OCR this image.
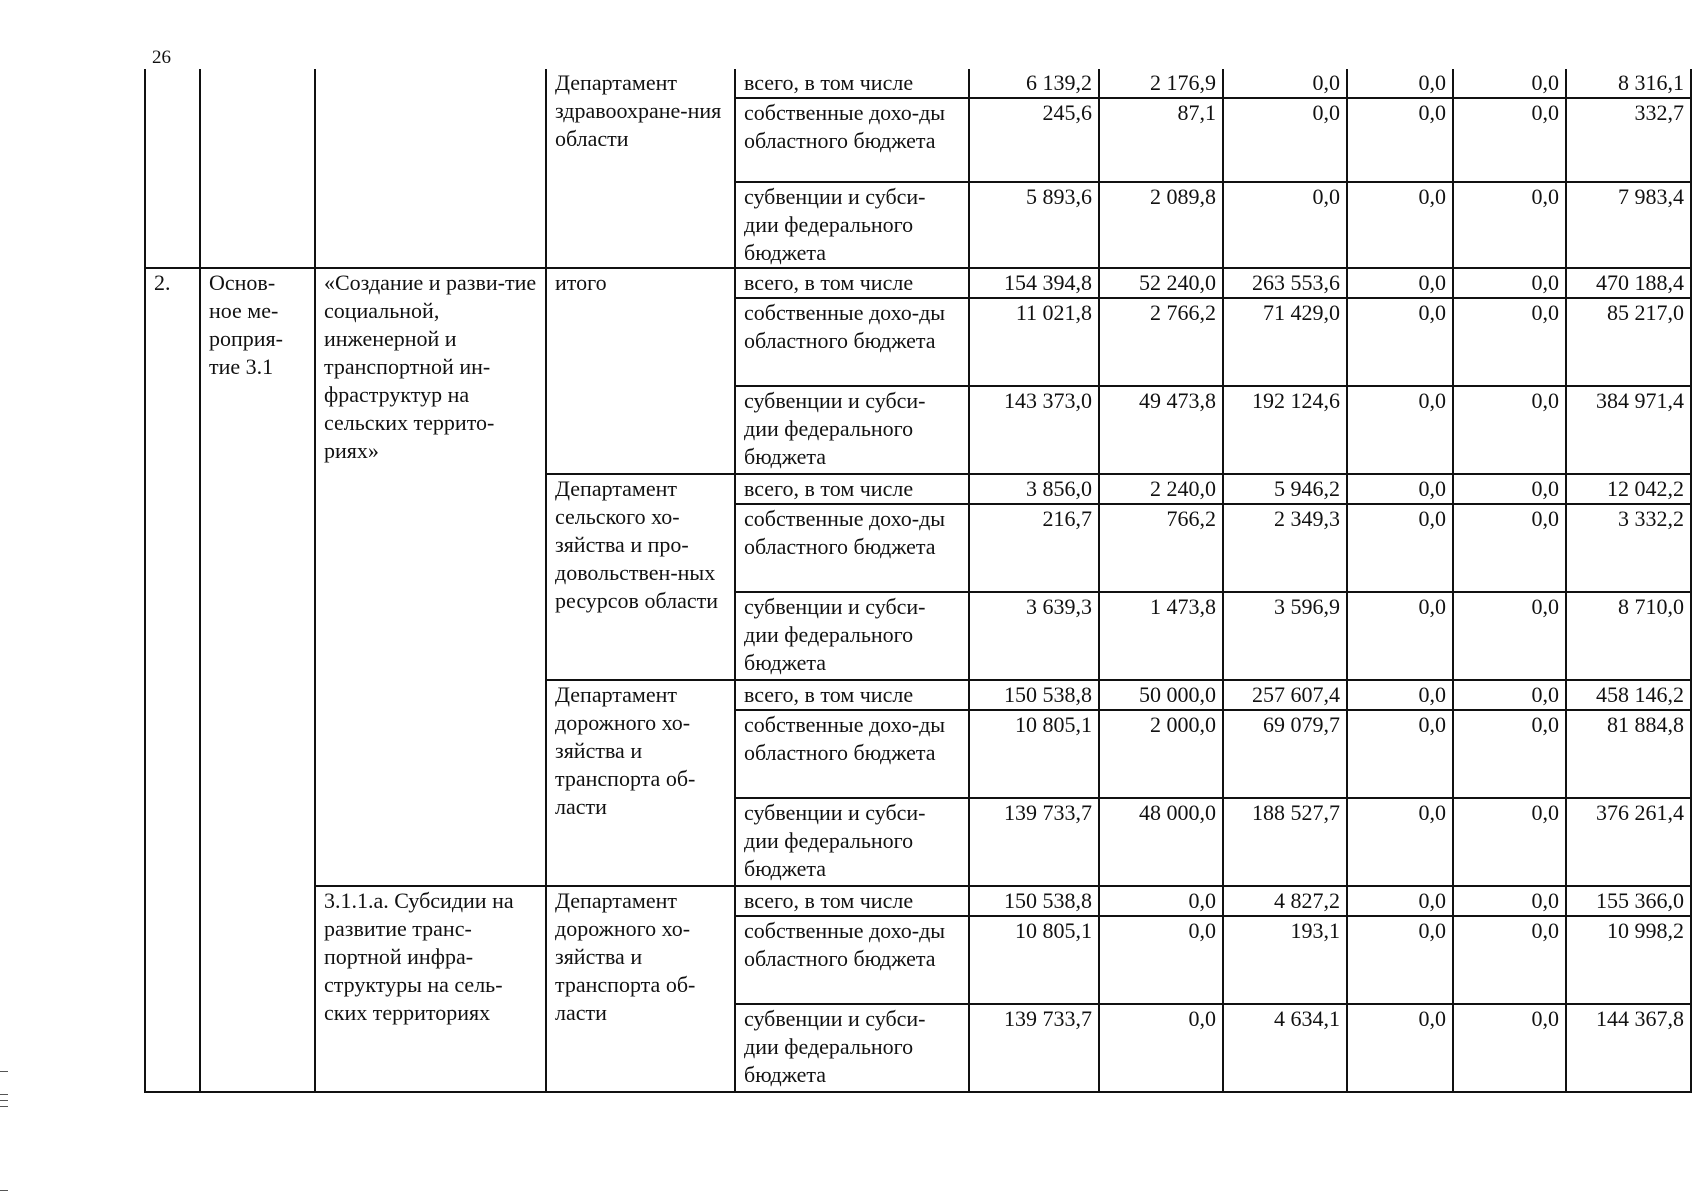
26
			Департамент здравоохране-ния области	всего, в том числе	6 139,2	2 176,9	0,0	0,0	0,0	8 316,1
				собственные дохо-ды областного бюджета	245,6	87,1	0,0	0,0	0,0	332,7
				субвенции и субси-дии федерального бюджета	5 893,6	2 089,8	0,0	0,0	0,0	7 983,4
2.	Основ-ное ме-роприя-тие 3.1	«Создание и разви-тие социальной, инженерной и транспортной ин-фраструктур на сельских террито-риях»	итого	всего, в том числе	154 394,8	52 240,0	263 553,6	0,0	0,0	470 188,4
				собственные дохо-ды областного бюджета	11 021,8	2 766,2	71 429,0	0,0	0,0	85 217,0
				субвенции и субси-дии федерального бюджета	143 373,0	49 473,8	192 124,6	0,0	0,0	384 971,4
			Департамент сельского хо-зяйства и про-довольствен-ных ресурсов области	всего, в том числе	3 856,0	2 240,0	5 946,2	0,0	0,0	12 042,2
				собственные дохо-ды областного бюджета	216,7	766,2	2 349,3	0,0	0,0	3 332,2
				субвенции и субси-дии федерального бюджета	3 639,3	1 473,8	3 596,9	0,0	0,0	8 710,0
			Департамент дорожного хо-зяйства и транспорта об-ласти	всего, в том числе	150 538,8	50 000,0	257 607,4	0,0	0,0	458 146,2
				собственные дохо-ды областного бюджета	10 805,1	2 000,0	69 079,7	0,0	0,0	81 884,8
				субвенции и субси-дии федерального бюджета	139 733,7	48 000,0	188 527,7	0,0	0,0	376 261,4
		3.1.1.а. Субсидии на развитие транс-портной инфра-структуры на сель-ских территориях	Департамент дорожного хо-зяйства и транспорта об-ласти	всего, в том числе	150 538,8	0,0	4 827,2	0,0	0,0	155 366,0
				собственные дохо-ды областного бюджета	10 805,1	0,0	193,1	0,0	0,0	10 998,2
				субвенции и субси-дии федерального бюджета	139 733,7	0,0	4 634,1	0,0	0,0	144 367,8
